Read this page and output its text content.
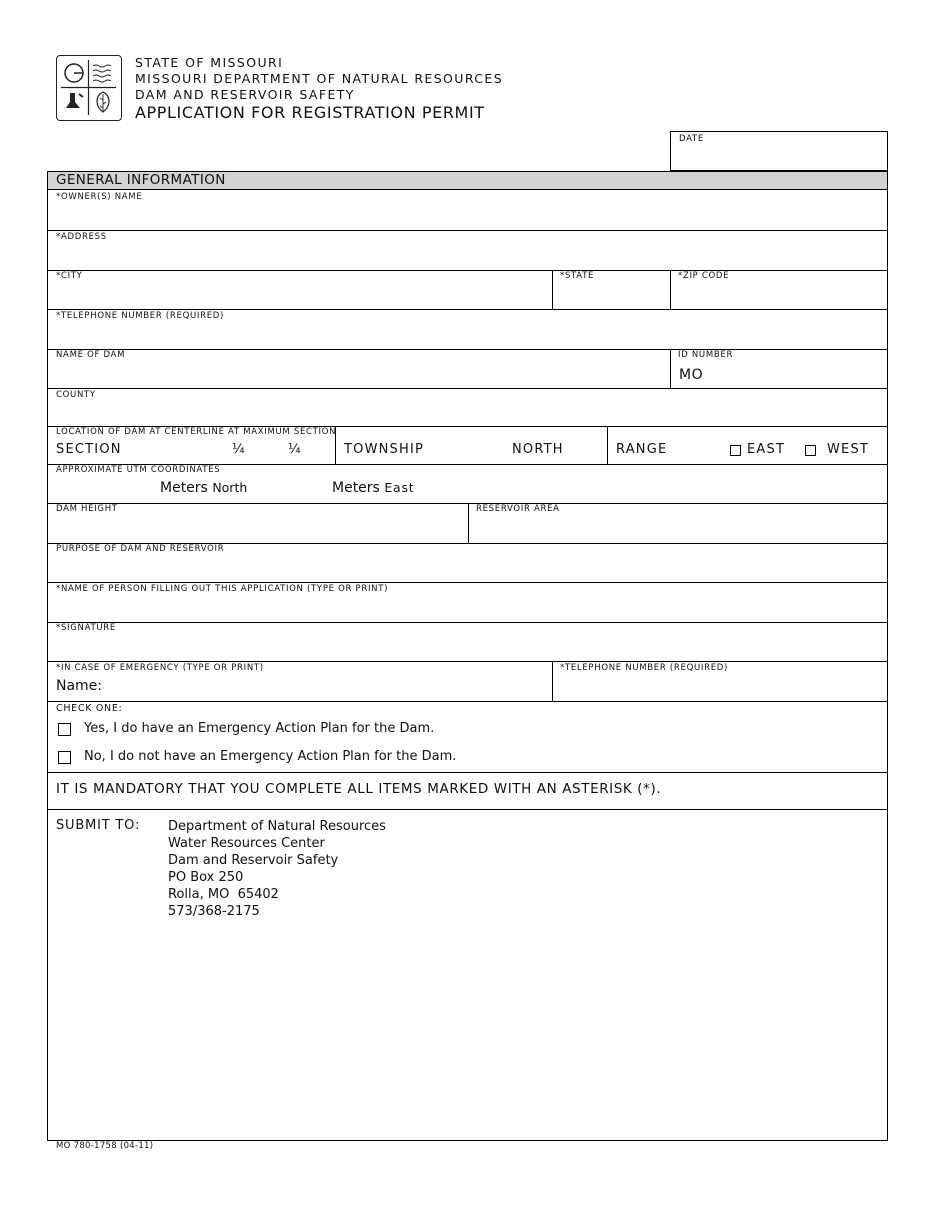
STATE OF MISSOURI
MISSOURI DEPARTMENT OF NATURAL RESOURCES
DAM AND RESERVOIR SAFETY
APPLICATION FOR REGISTRATION PERMIT
DATE
GENERAL INFORMATION
*OWNER(S) NAME
*ADDRESS
*CITY	*STATE	*ZIP CODE
*TELEPHONE NUMBER (REQUIRED)
NAME OF DAM	ID NUMBER
MO
COUNTY
LOCATION OF DAM AT CENTERLINE AT MAXIMUM SECTION
SECTION	¼	¼	TOWNSHIP	NORTH	RANGE	EAST	WEST
APPROXIMATE UTM COORDINATES
Meters North	Meters East
DAM HEIGHT	RESERVOIR AREA
PURPOSE OF DAM AND RESERVOIR
*NAME OF PERSON FILLING OUT THIS APPLICATION (TYPE OR PRINT)
*SIGNATURE
*IN CASE OF EMERGENCY (TYPE OR PRINT)
Name:
*TELEPHONE NUMBER (REQUIRED)
CHECK ONE:
Yes, I do have an Emergency Action Plan for the Dam.
No, I do not have an Emergency Action Plan for the Dam.
IT IS MANDATORY THAT YOU COMPLETE ALL ITEMS MARKED WITH AN ASTERISK (*).
SUBMIT TO: Department of Natural Resources
Water Resources Center
Dam and Reservoir Safety
PO Box 250
Rolla, MO  65402
573/368-2175
MO 780-1758 (04-11)
